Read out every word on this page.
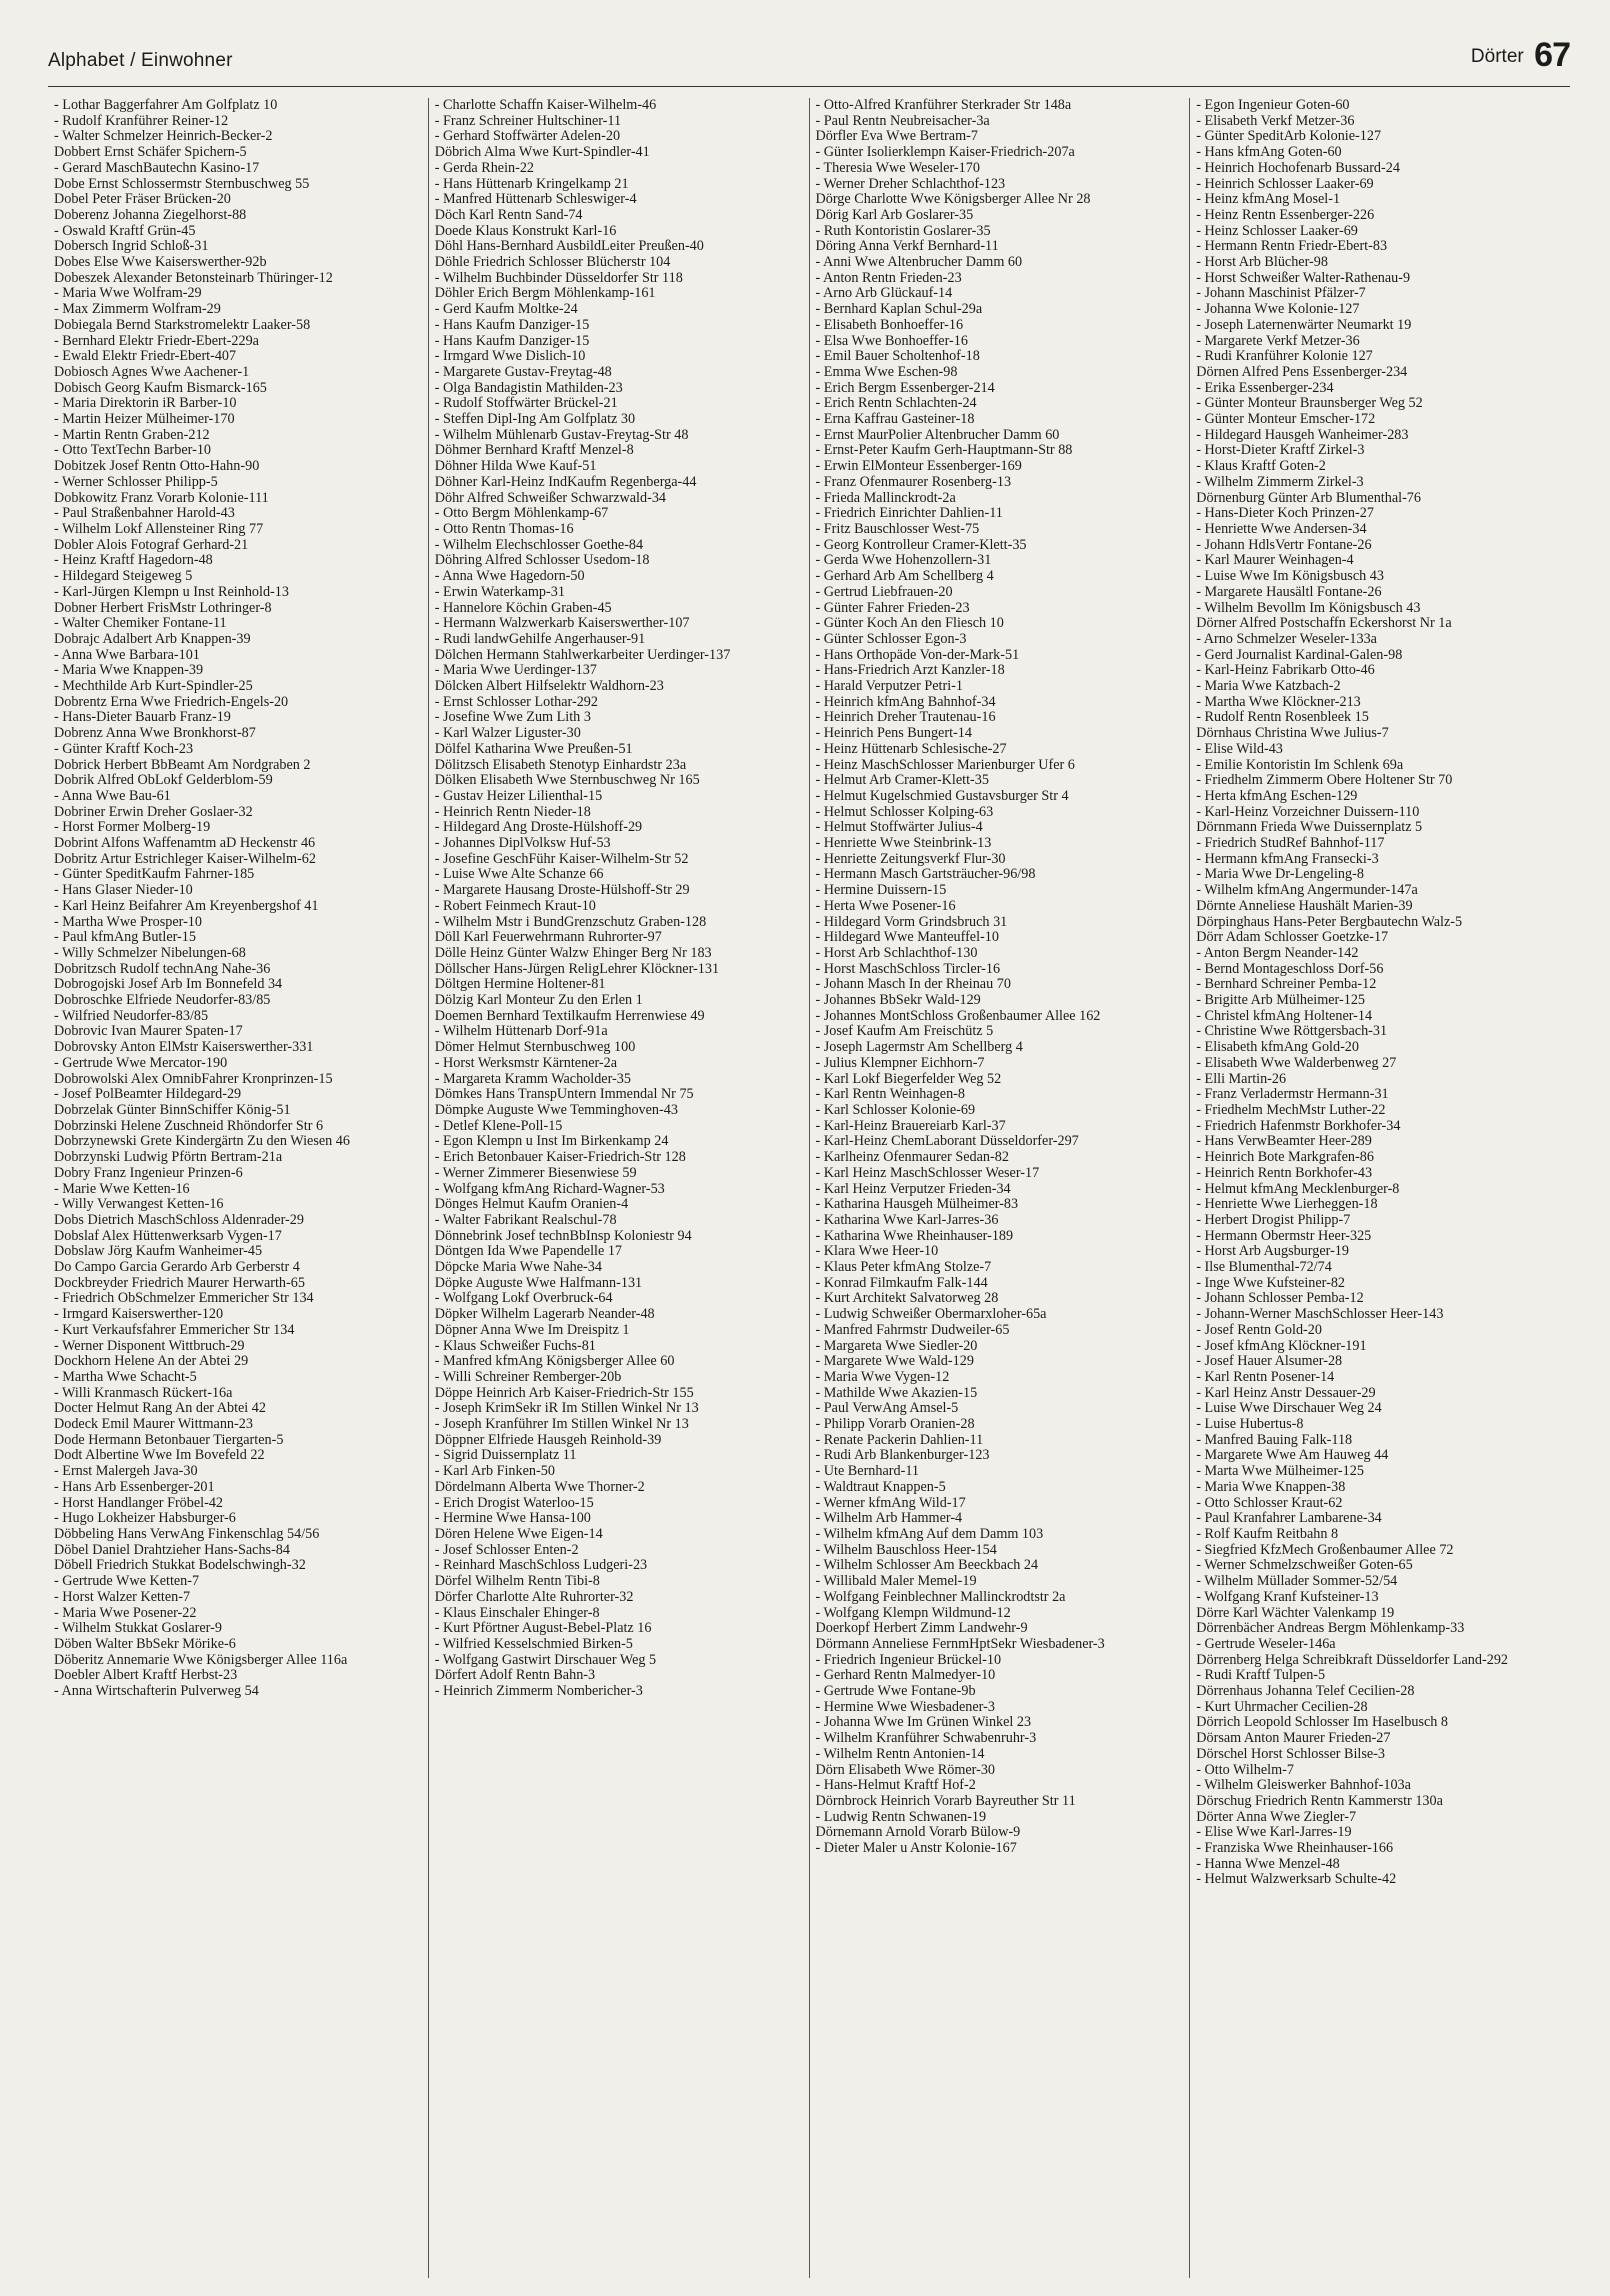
Alphabet / Einwohner	Dörter 67
- Lothar Baggerfahrer Am Golfplatz 10
- Rudolf Kranführer Reiner-12
- Walter Schmelzer Heinrich-Becker-2
Dobbert Ernst Schäfer Spichern-5
- Gerard MaschBautechn Kasino-17
Dobe Ernst Schlossermstr Sternbuschweg 55
Dobel Peter Fräser Brücken-20
Doberenz Johanna Ziegelhorst-88
- Oswald Kraftf Grün-45
Dobersch Ingrid Schloß-31
Dobes Else Wwe Kaiserswerther-92b
Dobeszek Alexander Betonsteinarb Thüringer-12
- Maria Wwe Wolfram-29
- Max Zimmerm Wolfram-29
Dobiegala Bernd Starkstromelektr Laaker-58
- Bernhard Elektr Friedr-Ebert-229a
- Ewald Elektr Friedr-Ebert-407
Dobiosch Agnes Wwe Aachener-1
Dobisch Georg Kaufm Bismarck-165
- Maria Direktorin iR Barber-10
- Martin Heizer Mülheimer-170
- Martin Rentn Graben-212
- Otto TextTechn Barber-10
Dobitzek Josef Rentn Otto-Hahn-90
- Werner Schlosser Philipp-5
Dobkowitz Franz Vorarb Kolonie-111
- Paul Straßenbahner Harold-43
- Wilhelm Lokf Allensteiner Ring 77
Dobler Alois Fotograf Gerhard-21
- Heinz Kraftf Hagedorn-48
- Hildegard Steigeweg 5
- Karl-Jürgen Klempn u Inst Reinhold-13
Dobner Herbert FrisMstr Lothringer-8
- Walter Chemiker Fontane-11
Dobrajc Adalbert Arb Knappen-39
- Anna Wwe Barbara-101
- Maria Wwe Knappen-39
- Mechthilde Arb Kurt-Spindler-25
Dobrentz Erna Wwe Friedrich-Engels-20
- Hans-Dieter Bauarb Franz-19
Dobrenz Anna Wwe Bronkhorst-87
- Günter Kraftf Koch-23
Dobrick Herbert BbBeamt Am Nordgraben 2
Dobrik Alfred ObLokf Gelderblom-59
- Anna Wwe Bau-61
Dobriner Erwin Dreher Goslaer-32
- Horst Former Molberg-19
Dobrint Alfons Waffenamtm aD Heckenstr 46
Dobritz Artur Estrichleger Kaiser-Wilhelm-62
- Günter SpeditKaufm Fahrner-185
- Hans Glaser Nieder-10
- Karl Heinz Beifahrer Am Kreyenbergshof 41
- Martha Wwe Prosper-10
- Paul kfmAng Butler-15
- Willy Schmelzer Nibelungen-68
Dobritzsch Rudolf technAng Nahe-36
Dobrogojski Josef Arb Im Bonnefeld 34
Dobroschke Elfriede Neudorfer-83/85
- Wilfried Neudorfer-83/85
Dobrovic Ivan Maurer Spaten-17
Dobrovsky Anton ElMstr Kaiserswerther-331
- Gertrude Wwe Mercator-190
Dobrowolski Alex OmnibFahrer Kronprinzen-15
- Josef PolBeamter Hildegard-29
Dobrzelak Günter BinnSchiffer König-51
Dobrzinski Helene Zuschneid Rhöndorfer Str 6
Dobrzynewski Grete Kindergärtn Zu den Wiesen 46
Dobrzynski Ludwig Pförtn Bertram-21a
Dobry Franz Ingenieur Prinzen-6
- Marie Wwe Ketten-16
- Willy Verwangest Ketten-16
Dobs Dietrich MaschSchloss Aldenrader-29
Dobslaf Alex Hüttenwerksarb Vygen-17
Dobslaw Jörg Kaufm Wanheimer-45
Do Campo Garcia Gerardo Arb Gerberstr 4
Dockbreyder Friedrich Maurer Herwarth-65
- Friedrich ObSchmelzer Emmericher Str 134
- Irmgard Kaiserswerther-120
- Kurt Verkaufsfahrer Emmericher Str 134
- Werner Disponent Wittbruch-29
Dockhorn Helene An der Abtei 29
- Martha Wwe Schacht-5
- Willi Kranmasch Rückert-16a
Docter Helmut Rang An der Abtei 42
Dodeck Emil Maurer Wittmann-23
Dode Hermann Betonbauer Tiergarten-5
Dodt Albertine Wwe Im Bovefeld 22
- Ernst Malergeh Java-30
- Hans Arb Essenberger-201
- Horst Handlanger Fröbel-42
- Hugo Lokheizer Habsburger-6
Döbbeling Hans VerwAng Finkenschlag 54/56
Döbel Daniel Drahtzieher Hans-Sachs-84
Döbell Friedrich Stukkat Bodelschwingh-32
- Gertrude Wwe Ketten-7
- Horst Walzer Ketten-7
- Maria Wwe Posener-22
- Wilhelm Stukkat Goslarer-9
Döben Walter BbSekr Mörike-6
Döberitz Annemarie Wwe Königsberger Allee 116a
Doebler Albert Kraftf Herbst-23
- Anna Wirtschafterin Pulverweg 54
- Charlotte Schaffn Kaiser-Wilhelm-46
- Franz Schreiner Hultschiner-11
- Gerhard Stoffwärter Adelen-20
Döbrich Alma Wwe Kurt-Spindler-41
- Gerda Rhein-22
- Hans Hüttenarb Kringelkamp 21
- Manfred Hüttenarb Schleswiger-4
Döch Karl Rentn Sand-74
Doede Klaus Konstrukt Karl-16
Döhl Hans-Bernhard AusbildLeiter Preußen-40
Döhle Friedrich Schlosser Blücherstr 104
- Wilhelm Buchbinder Düsseldorfer Str 118
Döhler Erich Bergm Möhlenkamp-161
- Gerd Kaufm Moltke-24
- Hans Kaufm Danziger-15
- Hans Kaufm Danziger-15
- Irmgard Wwe Dislich-10
- Margarete Gustav-Freytag-48
- Olga Bandagistin Mathilden-23
- Rudolf Stoffwärter Brückel-21
- Steffen Dipl-Ing Am Golfplatz 30
- Wilhelm Mühlenarb Gustav-Freytag-Str 48
Döhmer Bernhard Kraftf Menzel-8
Döhner Hilda Wwe Kauf-51
Döhner Karl-Heinz IndKaufm Regenberga-44
Döhr Alfred Schweißer Schwarzwald-34
- Otto Bergm Möhlenkamp-67
- Otto Rentn Thomas-16
- Wilhelm Elechschlosser Goethe-84
Döhring Alfred Schlosser Usedom-18
- Anna Wwe Hagedorn-50
- Erwin Waterkamp-31
- Hannelore Köchin Graben-45
- Hermann Walzwerkarb Kaiserswerther-107
- Rudi landwGehilfe Angerhauser-91
Dölchen Hermann Stahlwerkarbeiter Uerdinger-137
- Maria Wwe Uerdinger-137
Dölcken Albert Hilfselektr Waldhorn-23
- Ernst Schlosser Lothar-292
- Josefine Wwe Zum Lith 3
- Karl Walzer Liguster-30
Dölfel Katharina Wwe Preußen-51
Dölitzsch Elisabeth Stenotyp Einhardstr 23a
Dölken Elisabeth Wwe Sternbuschweg Nr 165
- Gustav Heizer Lilienthal-15
- Heinrich Rentn Nieder-18
- Hildegard Ang Droste-Hülshoff-29
- Johannes DiplVolksw Huf-53
- Josefine GeschFühr Kaiser-Wilhelm-Str 52
- Luise Wwe Alte Schanze 66
- Margarete Hausang Droste-Hülshoff-Str 29
- Robert Feinmech Kraut-10
- Wilhelm Mstr i BundGrenzschutz Graben-128
Döll Karl Feuerwehrmann Ruhrorter-97
Dölle Heinz Günter Walzw Ehinger Berg Nr 183
Döllscher Hans-Jürgen ReligLehrer Klöckner-131
Döltgen Hermine Holtener-81
Dölzig Karl Monteur Zu den Erlen 1
Doemen Bernhard Textilkaufm Herrenwiese 49
- Wilhelm Hüttenarb Dorf-91a
Dömer Helmut Sternbuschweg 100
- Horst Werksmstr Kärntener-2a
- Margareta Kramm Wacholder-35
Dömkes Hans TranspUntern Immendal Nr 75
Dömpke Auguste Wwe Temminghoven-43
- Detlef Klene-Poll-15
- Egon Klempn u Inst Im Birkenkamp 24
- Erich Betonbauer Kaiser-Friedrich-Str 128
- Werner Zimmerer Biesenwiese 59
- Wolfgang kfmAng Richard-Wagner-53
Dönges Helmut Kaufm Oranien-4
- Walter Fabrikant Realschul-78
Dönnebrink Josef technBbInsp Koloniestr 94
Döntgen Ida Wwe Papendelle 17
Döpcke Maria Wwe Nahe-34
Döpke Auguste Wwe Halfmann-131
- Wolfgang Lokf Overbruck-64
Döpker Wilhelm Lagerarb Neander-48
Döpner Anna Wwe Im Dreispitz 1
- Klaus Schweißer Fuchs-81
- Manfred kfmAng Königsberger Allee 60
- Willi Schreiner Remberger-20b
Döppe Heinrich Arb Kaiser-Friedrich-Str 155
- Joseph KrimSekr iR Im Stillen Winkel Nr 13
- Joseph Kranführer Im Stillen Winkel Nr 13
Döppner Elfriede Hausgeh Reinhold-39
- Sigrid Duissernplatz 11
- Karl Arb Finken-50
Dördelmann Alberta Wwe Thorner-2
- Erich Drogist Waterloo-15
- Hermine Wwe Hansa-100
Dören Helene Wwe Eigen-14
- Josef Schlosser Enten-2
- Reinhard MaschSchloss Ludgeri-23
Dörfel Wilhelm Rentn Tibi-8
Dörfer Charlotte Alte Ruhrorter-32
- Klaus Einschaler Ehinger-8
- Kurt Pförtner August-Bebel-Platz 16
- Wilfried Kesselschmied Birken-5
- Wolfgang Gastwirt Dirschauer Weg 5
Dörfert Adolf Rentn Bahn-3
- Heinrich Zimmerm Nombericher-3
- Otto-Alfred Kranführer Sterkrader Str 148a
- Paul Rentn Neubreisacher-3a
Dörfler Eva Wwe Bertram-7
- Günter Isolierklempn Kaiser-Friedrich-207a
- Theresia Wwe Weseler-170
- Werner Dreher Schlachthof-123
Dörge Charlotte Wwe Königsberger Allee Nr 28
Dörig Karl Arb Goslarer-35
- Ruth Kontoristin Goslarer-35
Döring Anna Verkf Bernhard-11
- Anni Wwe Altenbrucher Damm 60
- Anton Rentn Frieden-23
- Arno Arb Glückauf-14
- Bernhard Kaplan Schul-29a
- Elisabeth Bonhoeffer-16
- Elsa Wwe Bonhoeffer-16
- Emil Bauer Scholtenhof-18
- Emma Wwe Eschen-98
- Erich Bergm Essenberger-214
- Erich Rentn Schlachten-24
- Erna Kaffrau Gasteiner-18
- Ernst MaurPolier Altenbrucher Damm 60
- Ernst-Peter Kaufm Gerh-Hauptmann-Str 88
- Erwin ElMonteur Essenberger-169
- Franz Ofenmaurer Rosenberg-13
- Frieda Mallinckrodt-2a
- Friedrich Einrichter Dahlien-11
- Fritz Bauschlosser West-75
- Georg Kontrolleur Cramer-Klett-35
- Gerda Wwe Hohenzollern-31
- Gerhard Arb Am Schellberg 4
- Gertrud Liebfrauen-20
- Günter Fahrer Frieden-23
- Günter Koch An den Fliesch 10
- Günter Schlosser Egon-3
- Hans Orthopäde Von-der-Mark-51
- Hans-Friedrich Arzt Kanzler-18
- Harald Verputzer Petri-1
- Heinrich kfmAng Bahnhof-34
- Heinrich Dreher Trautenau-16
- Heinrich Pens Bungert-14
- Heinz Hüttenarb Schlesische-27
- Heinz MaschSchlosser Marienburger Ufer 6
- Helmut Arb Cramer-Klett-35
- Helmut Kugelschmied Gustavsburger Str 4
- Helmut Schlosser Kolping-63
- Helmut Stoffwärter Julius-4
- Henriette Wwe Steinbrink-13
- Henriette Zeitungsverkf Flur-30
- Hermann Masch Gartsträucher-96/98
- Hermine Duissern-15
- Herta Wwe Posener-16
- Hildegard Vorm Grindsbruch 31
- Hildegard Wwe Manteuffel-10
- Horst Arb Schlachthof-130
- Horst MaschSchloss Tircler-16
- Johann Masch In der Rheinau 70
- Johannes BbSekr Wald-129
- Johannes MontSchloss Großenbaumer Allee 162
- Josef Kaufm Am Freischütz 5
- Joseph Lagermstr Am Schellberg 4
- Julius Klempner Eichhorn-7
- Karl Lokf Biegerfelder Weg 52
- Karl Rentn Weinhagen-8
- Karl Schlosser Kolonie-69
- Karl-Heinz Brauereiarb Karl-37
- Karl-Heinz ChemLaborant Düsseldorfer-297
- Karlheinz Ofenmaurer Sedan-82
- Karl Heinz MaschSchlosser Weser-17
- Karl Heinz Verputzer Frieden-34
- Katharina Hausgeh Mülheimer-83
- Katharina Wwe Karl-Jarres-36
- Katharina Wwe Rheinhauser-189
- Klara Wwe Heer-10
- Klaus Peter kfmAng Stolze-7
- Konrad Filmkaufm Falk-144
- Kurt Architekt Salvatorweg 28
- Ludwig Schweißer Obermarxloher-65a
- Manfred Fahrmstr Dudweiler-65
- Margareta Wwe Siedler-20
- Margarete Wwe Wald-129
- Maria Wwe Vygen-12
- Mathilde Wwe Akazien-15
- Paul VerwAng Amsel-5
- Philipp Vorarb Oranien-28
- Renate Packerin Dahlien-11
- Rudi Arb Blankenburger-123
- Ute Bernhard-11
- Waldtraut Knappen-5
- Werner kfmAng Wild-17
- Wilhelm Arb Hammer-4
- Wilhelm kfmAng Auf dem Damm 103
- Wilhelm Bauschloss Heer-154
- Wilhelm Schlosser Am Beeckbach 24
- Willibald Maler Memel-19
- Wolfgang Feinblechner Mallinckrodtstr 2a
- Wolfgang Klempn Wildmund-12
Doerkopf Herbert Zimm Landwehr-9
Dörmann Anneliese FernmHptSekr Wiesbadener-3
- Friedrich Ingenieur Brückel-10
- Gerhard Rentn Malmedyer-10
- Gertrude Wwe Fontane-9b
- Hermine Wwe Wiesbadener-3
- Johanna Wwe Im Grünen Winkel 23
- Wilhelm Kranführer Schwabenruhr-3
- Wilhelm Rentn Antonien-14
Dörn Elisabeth Wwe Römer-30
- Hans-Helmut Kraftf Hof-2
Dörnbrock Heinrich Vorarb Bayreuther Str 11
- Ludwig Rentn Schwanen-19
Dörnemann Arnold Vorarb Bülow-9
- Dieter Maler u Anstr Kolonie-167
- Egon Ingenieur Goten-60
- Elisabeth Verkf Metzer-36
- Günter SpeditArb Kolonie-127
- Hans kfmAng Goten-60
- Heinrich Hochofenarb Bussard-24
- Heinrich Schlosser Laaker-69
- Heinz kfmAng Mosel-1
- Heinz Rentn Essenberger-226
- Heinz Schlosser Laaker-69
- Hermann Rentn Friedr-Ebert-83
- Horst Arb Blücher-98
- Horst Schweißer Walter-Rathenau-9
- Johann Maschinist Pfälzer-7
- Johanna Wwe Kolonie-127
- Joseph Laternenwärter Neumarkt 19
- Margarete Verkf Metzer-36
- Rudi Kranführer Kolonie 127
Dörnen Alfred Pens Essenberger-234
- Erika Essenberger-234
- Günter Monteur Braunsberger Weg 52
- Günter Monteur Emscher-172
- Hildegard Hausgeh Wanheimer-283
- Horst-Dieter Kraftf Zirkel-3
- Klaus Kraftf Goten-2
- Wilhelm Zimmerm Zirkel-3
Dörnenburg Günter Arb Blumenthal-76
- Hans-Dieter Koch Prinzen-27
- Henriette Wwe Andersen-34
- Johann HdlsVertr Fontane-26
- Karl Maurer Weinhagen-4
- Luise Wwe Im Königsbusch 43
- Margarete Hausältl Fontane-26
- Wilhelm Bevollm Im Königsbusch 43
Dörner Alfred Postschaffn Eckershorst Nr 1a
- Arno Schmelzer Weseler-133a
- Gerd Journalist Kardinal-Galen-98
- Karl-Heinz Fabrikarb Otto-46
- Maria Wwe Katzbach-2
- Martha Wwe Klöckner-213
- Rudolf Rentn Rosenbleek 15
Dörnhaus Christina Wwe Julius-7
- Elise Wild-43
- Emilie Kontoristin Im Schlenk 69a
- Friedhelm Zimmerm Obere Holtener Str 70
- Herta kfmAng Eschen-129
- Karl-Heinz Vorzeichner Duissern-110
Dörnmann Frieda Wwe Duissernplatz 5
- Friedrich StudRef Bahnhof-117
- Hermann kfmAng Fransecki-3
- Maria Wwe Dr-Lengeling-8
- Wilhelm kfmAng Angermunder-147a
Dörnte Anneliese Haushält Marien-39
Dörpinghaus Hans-Peter Bergbautechn Walz-5
Dörr Adam Schlosser Goetzke-17
- Anton Bergm Neander-142
- Bernd Montageschloss Dorf-56
- Bernhard Schreiner Pemba-12
- Brigitte Arb Mülheimer-125
- Christel kfmAng Holtener-14
- Christine Wwe Röttgersbach-31
- Elisabeth kfmAng Gold-20
- Elisabeth Wwe Walderbenweg 27
- Elli Martin-26
- Franz Verladermstr Hermann-31
- Friedhelm MechMstr Luther-22
- Friedrich Hafenmstr Borkhofer-34
- Hans VerwBeamter Heer-289
- Heinrich Bote Markgrafen-86
- Heinrich Rentn Borkhofer-43
- Helmut kfmAng Mecklenburger-8
- Henriette Wwe Lierheggen-18
- Herbert Drogist Philipp-7
- Hermann Obermstr Heer-325
- Horst Arb Augsburger-19
- Ilse Blumenthal-72/74
- Inge Wwe Kufsteiner-82
- Johann Schlosser Pemba-12
- Johann-Werner MaschSchlosser Heer-143
- Josef Rentn Gold-20
- Josef kfmAng Klöckner-191
- Josef Hauer Alsumer-28
- Karl Rentn Posener-14
- Karl Heinz Anstr Dessauer-29
- Luise Wwe Dirschauer Weg 24
- Luise Hubertus-8
- Manfred Bauing Falk-118
- Margarete Wwe Am Hauweg 44
- Marta Wwe Mülheimer-125
- Maria Wwe Knappen-38
- Otto Schlosser Kraut-62
- Paul Kranfahrer Lambarene-34
- Rolf Kaufm Reitbahn 8
- Siegfried KfzMech Großenbaumer Allee 72
- Werner Schmelzschweißer Goten-65
- Wilhelm Müllader Sommer-52/54
- Wolfgang Kranf Kufsteiner-13
Dörre Karl Wächter Valenkamp 19
Dörrenbächer Andreas Bergm Möhlenkamp-33
- Gertrude Weseler-146a
Dörrenberg Helga Schreibkraft Düsseldorfer Land-292
- Rudi Kraftf Tulpen-5
Dörrenhaus Johanna Telef Cecilien-28
- Kurt Uhrmacher Cecilien-28
Dörrich Leopold Schlosser Im Haselbusch 8
Dörsam Anton Maurer Frieden-27
Dörschel Horst Schlosser Bilse-3
- Otto Wilhelm-7
- Wilhelm Gleiswerker Bahnhof-103a
Dörschug Friedrich Rentn Kammerstr 130a
Dörter Anna Wwe Ziegler-7
- Elise Wwe Karl-Jarres-19
- Franziska Wwe Rheinhauser-166
- Hanna Wwe Menzel-48
- Helmut Walzwerksarb Schulte-42
